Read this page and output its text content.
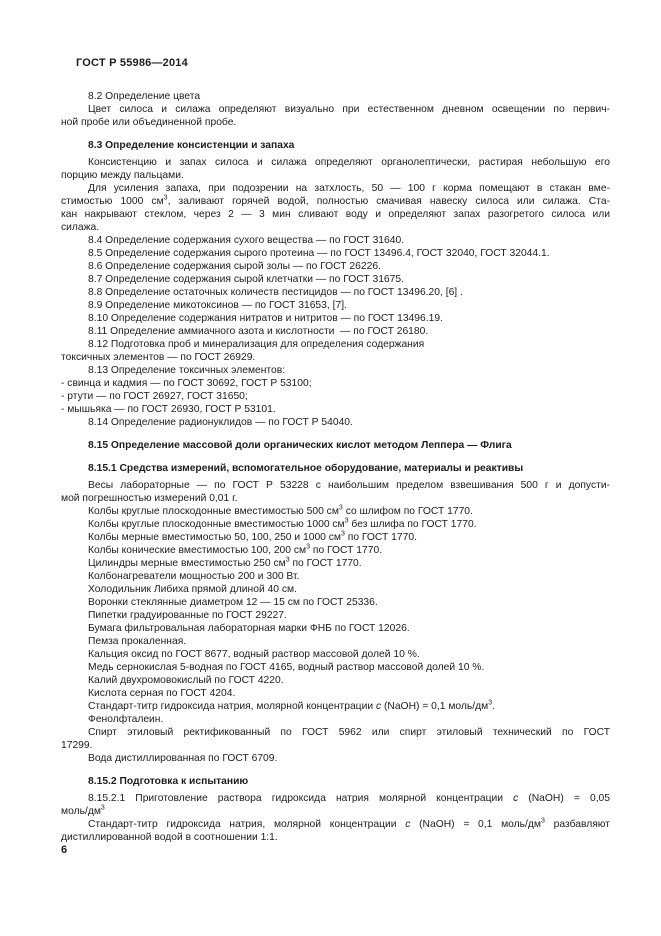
ГОСТ Р 55986—2014
8.2 Определение цвета
Цвет силоса и силажа определяют визуально при естественном дневном освещении по первич-
ной пробе или объединенной пробе.
8.3 Определение консистенции и запаха
Консистенцию и запах силоса и силажа определяют органолептически, растирая небольшую его
порцию между пальцами.
Для усиления запаха, при подозрении на затхлость, 50 — 100 г корма помещают в стакан вме-
стимостью 1000 $см^3$, заливают горячей водой, полностью смачивая навеску силоса или силажа. Ста-
кан накрывают стеклом, через 2 — 3 мин сливают воду и определяют запах разогретого силоса или
силажа.
8.4 Определение содержания сухого вещества — по ГОСТ 31640.
8.5 Определение содержания сырого протеина — по ГОСТ 13496.4, ГОСТ 32040, ГОСТ 32044.1.
8.6 Определение содержания сырой золы — по ГОСТ 26226.
8.7 Определение содержания сырой клетчатки — по ГОСТ 31675.
8.8 Определение остаточных количеств пестицидов — по ГОСТ 13496.20, [6] .
8.9 Определение микотоксинов — по ГОСТ 31653, [7].
8.10 Определение содержания нитратов и нитритов — по ГОСТ 13496.19.
8.11 Определение аммиачного азота и кислотности  — по ГОСТ 26180.
8.12 Подготовка проб и минерализация для определения содержания
токсичных элементов — по ГОСТ 26929.
8.13 Определение токсичных элементов:
- свинца и кадмия — по ГОСТ 30692, ГОСТ Р 53100;
- ртути — по ГОСТ 26927, ГОСТ 31650;
- мышьяка — по ГОСТ 26930, ГОСТ Р 53101.
8.14 Определение радионуклидов — по ГОСТ Р 54040.
8.15 Определение массовой доли органических кислот методом Леппера — Флига
8.15.1 Средства измерений, вспомогательное оборудование, материалы и реактивы
Весы лабораторные — по ГОСТ Р 53228 с наибольшим пределом взвешивания 500 г и допусти-
мой погрешностью измерений 0,01 г.
Колбы круглые плоскодонные вместимостью 500 $см^3$ со шлифом по ГОСТ 1770.
Колбы круглые плоскодонные вместимостью 1000 $см^3$ без шлифа по ГОСТ 1770.
Колбы мерные вместимостью 50, 100, 250 и 1000 $см^3$ по ГОСТ 1770.
Колбы конические вместимостью 100, 200 $см^3$ по ГОСТ 1770.
Цилиндры мерные вместимостью 250 $см^3$ по ГОСТ 1770.
Колбонагреватели мощностью 200 и 300 Вт.
Холодильник Либиха прямой длиной 40 см.
Воронки стеклянные диаметром 12 — 15 см по ГОСТ 25336.
Пипетки градуированные по ГОСТ 29227.
Бумага фильтровальная лабораторная марки ФНБ по ГОСТ 12026.
Пемза прокаленная.
Кальция оксид по ГОСТ 8677, водный раствор массовой долей 10 %.
Медь сернокислая 5-водная по ГОСТ 4165, водный раствор массовой долей 10 %.
Калий двухромовокислый по ГОСТ 4220.
Кислота серная по ГОСТ 4204.
Стандарт-титр гидроксида натрия, молярной концентрации c (NaOH) = 0,1 моль/$дм^3$.
Фенолфталеин.
Спирт этиловый ректификованный по ГОСТ 5962 или спирт этиловый технический по ГОСТ
17299.
Вода дистиллированная по ГОСТ 6709.
8.15.2 Подготовка к испытанию
8.15.2.1 Приготовление раствора гидроксида натрия молярной концентрации c (NaOH) = 0,05
моль/$дм^3$
Стандарт-титр гидроксида натрия, молярной концентрации c (NaOH) = 0,1 моль/$дм^3$ разбавляют
дистиллированной водой в соотношении 1:1.
6
